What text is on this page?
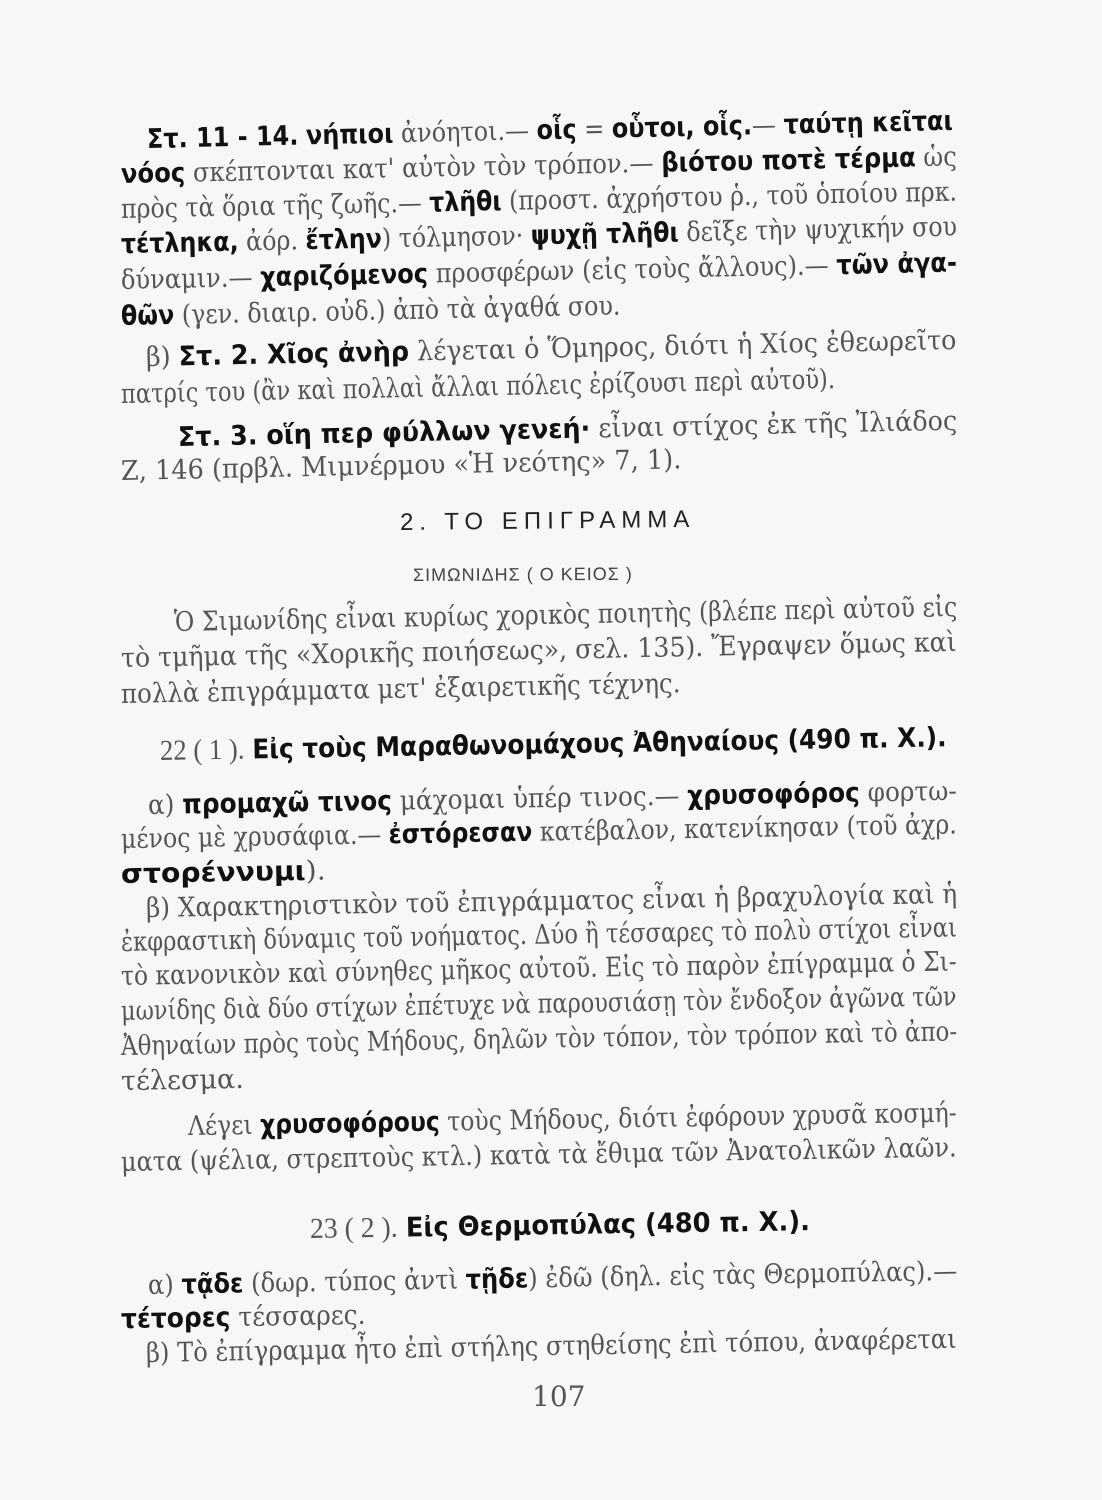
Στ. 11 - 14. νήπιοι ἀνόητοι.— οἷς = οὗτοι, οἷς.— ταύτῃ κεῖται
νόος σκέπτονται κατ' αὐτὸν τὸν τρόπον.— βιότου ποτὲ τέρμα ὡς
πρὸς τὰ ὅρια τῆς ζωῆς.— τλῆθι (προστ. ἀχρήστου ῥ., τοῦ ὁποίου πρκ.
τέτληκα, ἀόρ. ἔτλην) τόλμησον· ψυχῇ τλῆθι δεῖξε τὴν ψυχικήν σου
δύναμιν.— χαριζόμενος προσφέρων (εἰς τοὺς ἄλλους).— τῶν ἀγα-
θῶν (γεν. διαιρ. οὐδ.) ἀπὸ τὰ ἀγαθά σου.
β) Στ. 2. Χῖος ἀνὴρ λέγεται ὁ Ὅμηρος, διότι ἡ Χίος ἐθεωρεῖτο
πατρίς του (ἂν καὶ πολλαὶ ἄλλαι πόλεις ἐρίζουσι περὶ αὐτοῦ).
Στ. 3. οἵη περ φύλλων γενεή· εἶναι στίχος ἐκ τῆς Ἰλιάδος
Ζ, 146 (πρβλ. Μιμνέρμου «Ἡ νεότης» 7, 1).
2. ΤΟ ΕΠΙΓΡΑΜΜΑ
ΣΙΜΩΝΙΔΗΣ ( Ο ΚΕΙΟΣ )
Ὁ Σιμωνίδης εἶναι κυρίως χορικὸς ποιητὴς (βλέπε περὶ αὐτοῦ εἰς
τὸ τμῆμα τῆς «Χορικῆς ποιήσεως», σελ. 135). Ἔγραψεν ὅμως καὶ
πολλὰ ἐπιγράμματα μετ' ἐξαιρετικῆς τέχνης.
22 ( 1 ). Εἰς τοὺς Μαραθωνομάχους Ἀθηναίους (490 π. Χ.).
α) προμαχῶ τινος μάχομαι ὑπέρ τινος.— χρυσοφόρος φορτω-
μένος μὲ χρυσάφια.— ἐστόρεσαν κατέβαλον, κατενίκησαν (τοῦ ἀχρ.
στορέννυμι).
β) Χαρακτηριστικὸν τοῦ ἐπιγράμματος εἶναι ἡ βραχυλογία καὶ ἡ
ἐκφραστικὴ δύναμις τοῦ νοήματος. Δύο ἢ τέσσαρες τὸ πολὺ στίχοι εἶναι
τὸ κανονικὸν καὶ σύνηθες μῆκος αὐτοῦ. Εἰς τὸ παρὸν ἐπίγραμμα ὁ Σι-
μωνίδης διὰ δύο στίχων ἐπέτυχε νὰ παρουσιάσῃ τὸν ἔνδοξον ἀγῶνα τῶν
Ἀθηναίων πρὸς τοὺς Μήδους, δηλῶν τὸν τόπον, τὸν τρόπον καὶ τὸ ἀπο-
τέλεσμα.
Λέγει χρυσοφόρους τοὺς Μήδους, διότι ἐφόρουν χρυσᾶ κοσμή-
ματα (ψέλια, στρεπτοὺς κτλ.) κατὰ τὰ ἔθιμα τῶν Ἀνατολικῶν λαῶν.
23 ( 2 ). Εἰς Θερμοπύλας (480 π. Χ.).
α) τᾷδε (δωρ. τύπος ἀντὶ τῇδε) ἐδῶ (δηλ. εἰς τὰς Θερμοπύλας).—
τέτορες τέσσαρες.
β) Τὸ ἐπίγραμμα ἦτο ἐπὶ στήλης στηθείσης ἐπὶ τόπου, ἀναφέρεται
107
